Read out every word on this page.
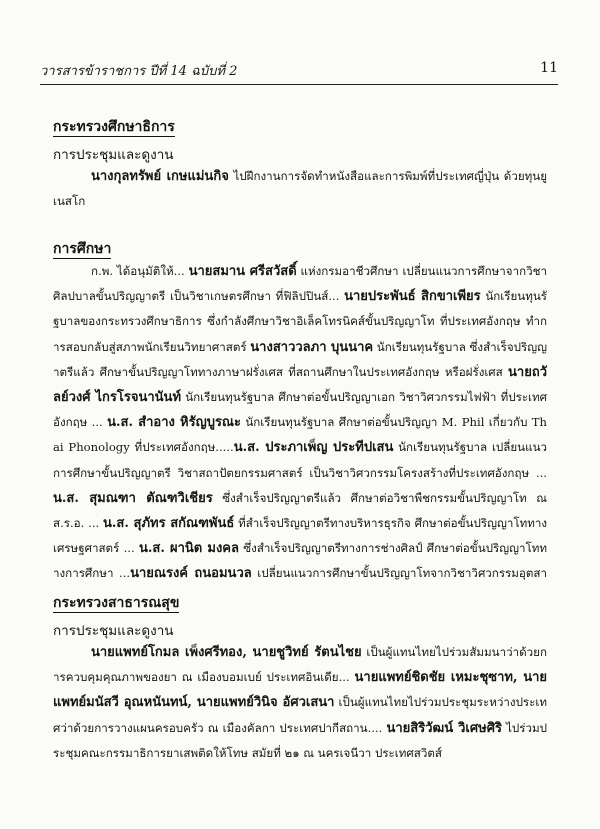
วารสารข้าราชการ ปีที่ 14 ฉบับที่ 2	11
กระทรวงศึกษาธิการ
การประชุมและดูงาน
นางกุลทรัพย์ เกษแม่นกิจ ไปฝึกงานการจัดทำหนังสือและการพิมพ์ที่ประเทศญี่ปุ่น ด้วยทุนยูเนสโก
การศึกษา
ก.พ. ได้อนุมัติให้... นายสมาน ศรีสวัสดิ์ แห่งกรมอาชีวศึกษา เปลี่ยนแนวการศึกษาจากวิชาศิลปบาลขั้นปริญญาตรี เป็นวิชาเกษตรศึกษา ที่ฟิลิปปินส์... นายประพันธ์ สิกขาเพียร นักเรียนทุนรัฐบาลของกระทรวงศึกษาธิการ ซึ่งกำลังศึกษาวิชาอิเล็คโทรนิคส์ขั้นปริญญาโท ที่ประเทศอังกฤษ ทำการสอบกลับสู่สภาพนักเรียนวิทยาศาสตร์ นางสาววลภา บุนนาค นักเรียนทุนรัฐบาล ซึ่งสำเร็จปริญญาตรีแล้ว ศึกษาขั้นปริญญาโททางภาษาฝรั่งเศส ที่สถานศึกษาในประเทศอังกฤษ หรือฝรั่งเศส นายถวัลย์วงศ์ ไกรโรจนานันท์ นักเรียนทุนรัฐบาล ศึกษาต่อขั้นปริญญาเอก วิชาวิศวกรรมไฟฟ้า ที่ประเทศอังกฤษ ... น.ส. สำอาง หิรัญบูรณะ นักเรียนทุนรัฐบาล ศึกษาต่อขั้นปริญญา M. Phil เกี่ยวกับ Thai Phonology ที่ประเทศอังกฤษ.....น.ส. ประภาเพ็ญ ประทีปเสน นักเรียนทุนรัฐบาล เปลี่ยนแนวการศึกษาขั้นปริญญาตรี วิชาสถาปัตยกรรมศาสตร์ เป็นวิชาวิศวกรรมโครงสร้างที่ประเทศอังกฤษ ... น.ส. สุมณฑา ตัณฑวิเชียร ซึ่งสำเร็จปริญญาตรีแล้ว ศึกษาต่อวิชาพืชกรรมขั้นปริญญาโท ณ ส.ร.อ. ... น.ส. สุภัทร สกัณฑพันธ์ ที่สำเร็จปริญญาตรีทางบริหารธุรกิจ ศึกษาต่อขั้นปริญญาโททางเศรษฐศาสตร์ ... น.ส. ผานิต มงคล ซึ่งสำเร็จปริญญาตรีทางการช่างศิลป์ ศึกษาต่อขั้นปริญญาโททางการศึกษา ...นายณรงค์ ถนอมนวล เปลี่ยนแนวการศึกษาขั้นปริญญาโทจากวิชาวิศวกรรมอุตสา
กระทรวงสาธารณสุข
การประชุมและดูงาน
นายแพทย์โกมล เพ็งศรีทอง, นายชูวิทย์ รัตนไชย เป็นผู้แทนไทยไปร่วมสัมมนาว่าด้วยการควบคุมคุณภาพของยา ณ เมืองบอมเบย์ ประเทศอินเดีย... นายแพทย์ชิดชัย เหมะชุซาท, นายแพทย์มนัสวี อุณหนันทน์, นายแพทย์วินิจ อัศวเสนา เป็นผู้แทนไทยไปร่วมประชุมระหว่างประเทศว่าด้วยการวางแผนครอบครัว ณ เมืองคัลกา ประเทศปากีสถาน.... นายสิริวัฒน์ วิเศษศิริ ไปร่วมประชุมคณะกรรมาธิการยาเสพติดให้โทษ สมัยที่ ๒๑ ณ นครเจนีวา ประเทศสวิตส์
